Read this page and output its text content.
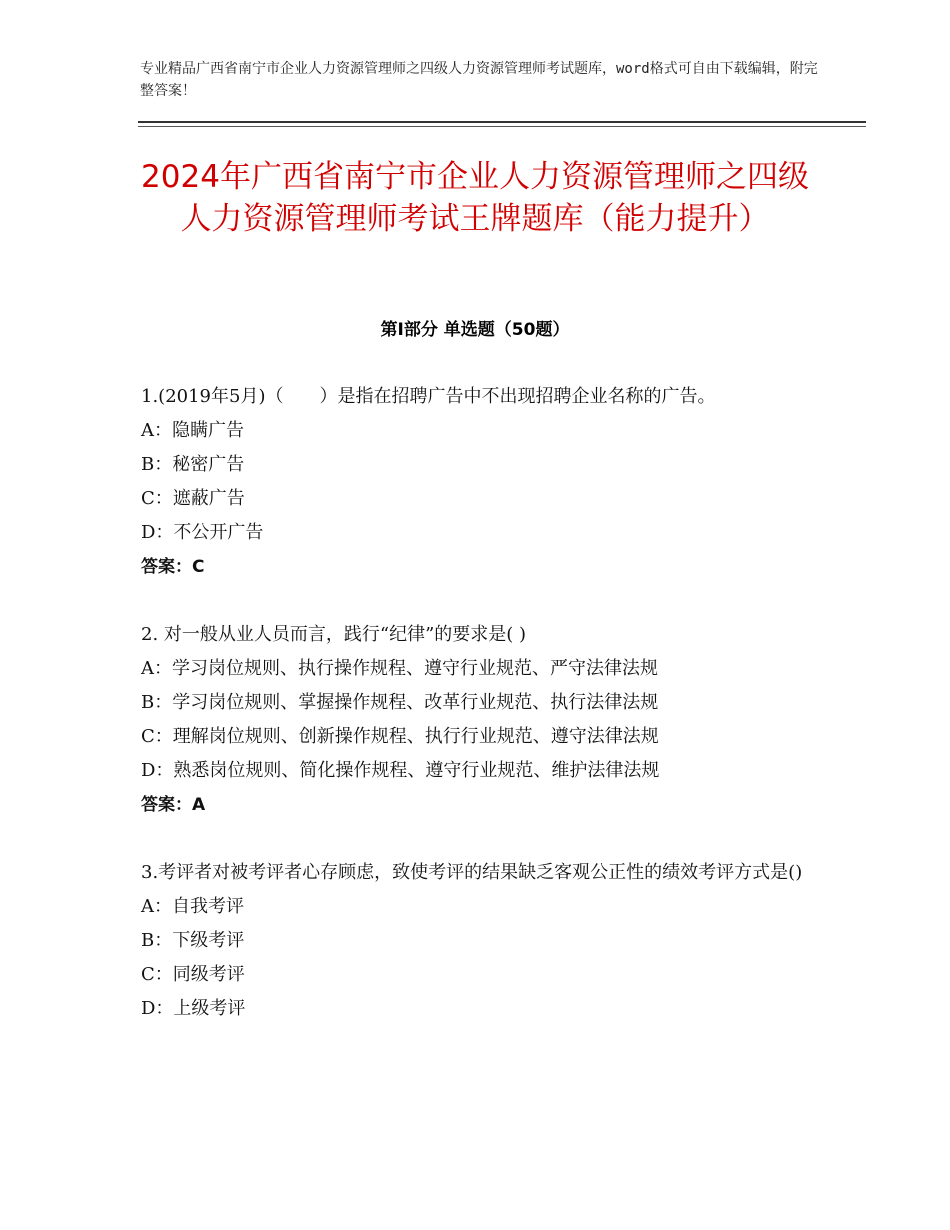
专业精品广西省南宁市企业人力资源管理师之四级人力资源管理师考试题库，word格式可自由下载编辑，附完整答案！
2024年广西省南宁市企业人力资源管理师之四级人力资源管理师考试王牌题库（能力提升）
第Ⅰ部分 单选题（50题）
1.(2019年5月)（　　）是指在招聘广告中不出现招聘企业名称的广告。
A：隐瞒广告
B：秘密广告
C：遮蔽广告
D：不公开广告
答案：C
2. 对一般从业人员而言，践行“纪律”的要求是( )
A：学习岗位规则、执行操作规程、遵守行业规范、严守法律法规
B：学习岗位规则、掌握操作规程、改革行业规范、执行法律法规
C：理解岗位规则、创新操作规程、执行行业规范、遵守法律法规
D：熟悉岗位规则、简化操作规程、遵守行业规范、维护法律法规
答案：A
3.考评者对被考评者心存顾虑，致使考评的结果缺乏客观公正性的绩效考评方式是()
A：自我考评
B：下级考评
C：同级考评
D：上级考评
